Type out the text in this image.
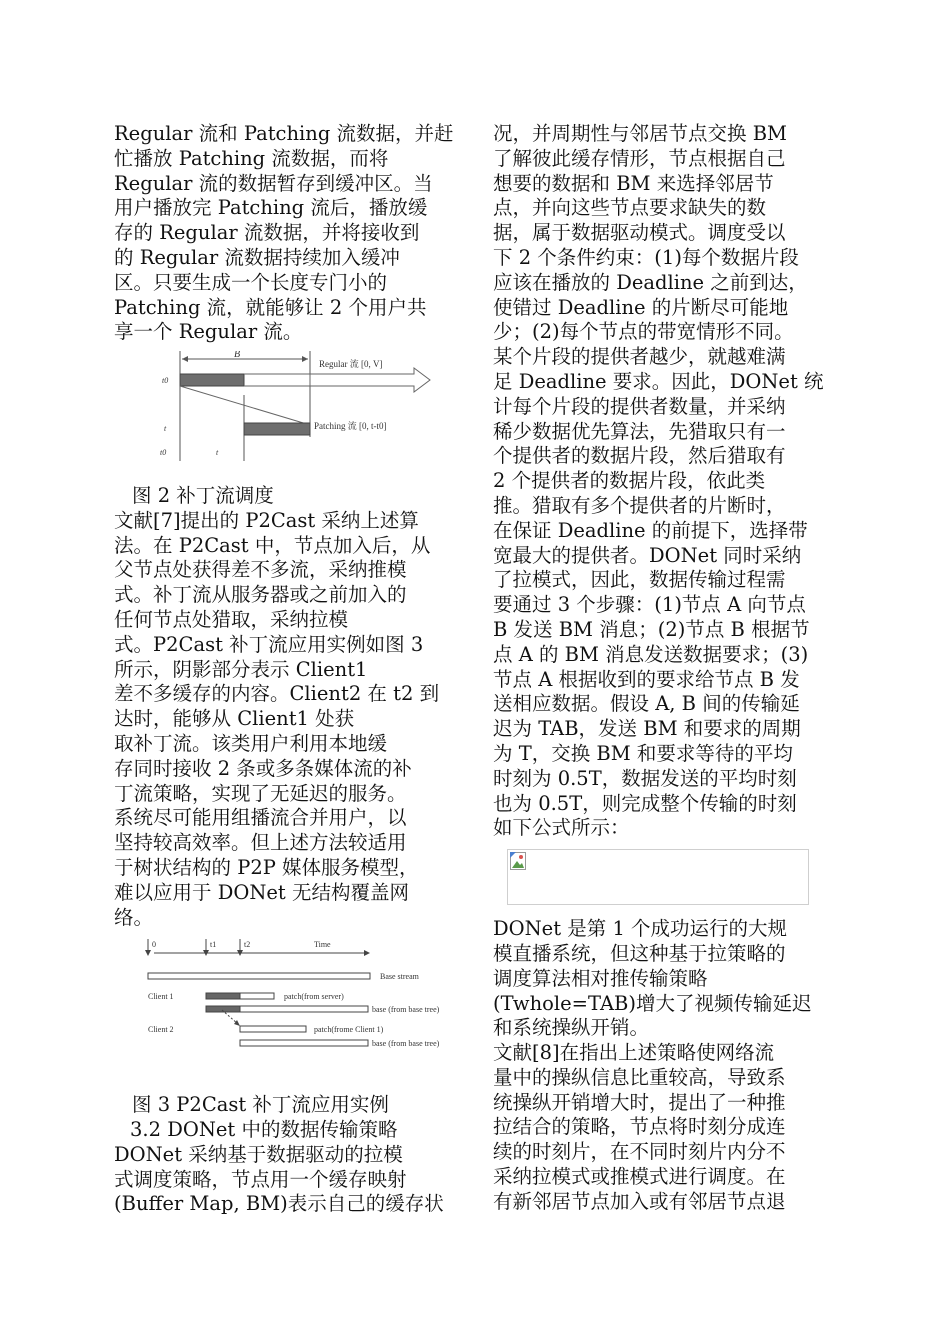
Regular 流和 Patching 流数据，并赶
忙播放 Patching 流数据，而将
Regular 流的数据暂存到缓冲区。当
用户播放完 Patching 流后，播放缓
存的 Regular 流数据，并将接收到
的 Regular 流数据持续加入缓冲
区。只要生成一个长度专门小的
Patching 流，就能够让 2 个用户共
享一个 Regular 流。
B
Regular 流 [0, V]
t0
t	Patching 流 [0, t-t0]
t0	t
图 2 补丁流调度
文献[7]提出的 P2Cast 采纳上述算
法。在 P2Cast 中，节点加入后，从
父节点处获得差不多流，采纳推模
式。补丁流从服务器或之前加入的
任何节点处猎取，采纳拉模
式。P2Cast 补丁流应用实例如图 3
所示，阴影部分表示 Client1
差不多缓存的内容。Client2 在 t2 到
达时，能够从 Client1 处获
取补丁流。该类用户利用本地缓
存同时接收 2 条或多条媒体流的补
丁流策略，实现了无延迟的服务。
系统尽可能用组播流合并用户，以
坚持较高效率。但上述方法较适用
于树状结构的 P2P 媒体服务模型，
难以应用于 DONet 无结构覆盖网
络。
0	t1	t2	Time
Base stream
Client 1	patch(from server)
base (from base tree)
Client 2	patch(frome Client 1)
base (from base tree)
图 3 P2Cast 补丁流应用实例
3.2 DONet 中的数据传输策略
DONet 采纳基于数据驱动的拉模
式调度策略，节点用一个缓存映射
(Buffer Map, BM)表示自己的缓存状
况，并周期性与邻居节点交换 BM
了解彼此缓存情形，节点根据自己
想要的数据和 BM 来选择邻居节
点，并向这些节点要求缺失的数
据，属于数据驱动模式。调度受以
下 2 个条件约束：(1)每个数据片段
应该在播放的 Deadline 之前到达，
使错过 Deadline 的片断尽可能地
少；(2)每个节点的带宽情形不同。
某个片段的提供者越少，就越难满
足 Deadline 要求。因此，DONet 统
计每个片段的提供者数量，并采纳
稀少数据优先算法，先猎取只有一
个提供者的数据片段，然后猎取有
2 个提供者的数据片段，依此类
推。猎取有多个提供者的片断时，
在保证 Deadline 的前提下，选择带
宽最大的提供者。DONet 同时采纳
了拉模式，因此，数据传输过程需
要通过 3 个步骤：(1)节点 A 向节点
B 发送 BM 消息；(2)节点 B 根据节
点 A 的 BM 消息发送数据要求；(3)
节点 A 根据收到的要求给节点 B 发
送相应数据。假设 A, B 间的传输延
迟为 TAB，发送 BM 和要求的周期
为 T，交换 BM 和要求等待的平均
时刻为 0.5T，数据发送的平均时刻
也为 0.5T，则完成整个传输的时刻
如下公式所示：
DONet 是第 1 个成功运行的大规
模直播系统，但这种基于拉策略的
调度算法相对推传输策略
(Twhole=TAB)增大了视频传输延迟
和系统操纵开销。
文献[8]在指出上述策略使网络流
量中的操纵信息比重较高，导致系
统操纵开销增大时，提出了一种推
拉结合的策略，节点将时刻分成连
续的时刻片，在不同时刻片内分不
采纳拉模式或推模式进行调度。在
有新邻居节点加入或有邻居节点退
